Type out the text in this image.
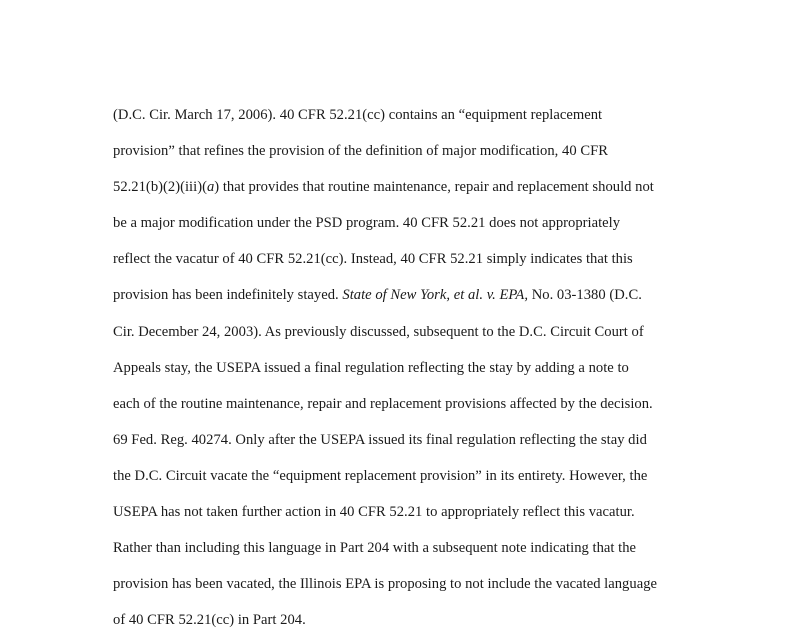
(D.C. Cir. March 17, 2006). 40 CFR 52.21(cc) contains an “equipment replacement
provision” that refines the provision of the definition of major modification, 40 CFR
52.21(b)(2)(iii)(a) that provides that routine maintenance, repair and replacement should not
be a major modification under the PSD program. 40 CFR 52.21 does not appropriately
reflect the vacatur of 40 CFR 52.21(cc). Instead, 40 CFR 52.21 simply indicates that this
provision has been indefinitely stayed. State of New York, et al. v. EPA, No. 03-1380 (D.C.
Cir. December 24, 2003). As previously discussed, subsequent to the D.C. Circuit Court of
Appeals stay, the USEPA issued a final regulation reflecting the stay by adding a note to
each of the routine maintenance, repair and replacement provisions affected by the decision.
69 Fed. Reg. 40274. Only after the USEPA issued its final regulation reflecting the stay did
the D.C. Circuit vacate the “equipment replacement provision” in its entirety. However, the
USEPA has not taken further action in 40 CFR 52.21 to appropriately reflect this vacatur.
Rather than including this language in Part 204 with a subsequent note indicating that the
provision has been vacated, the Illinois EPA is proposing to not include the vacated language
of 40 CFR 52.21(cc) in Part 204.
